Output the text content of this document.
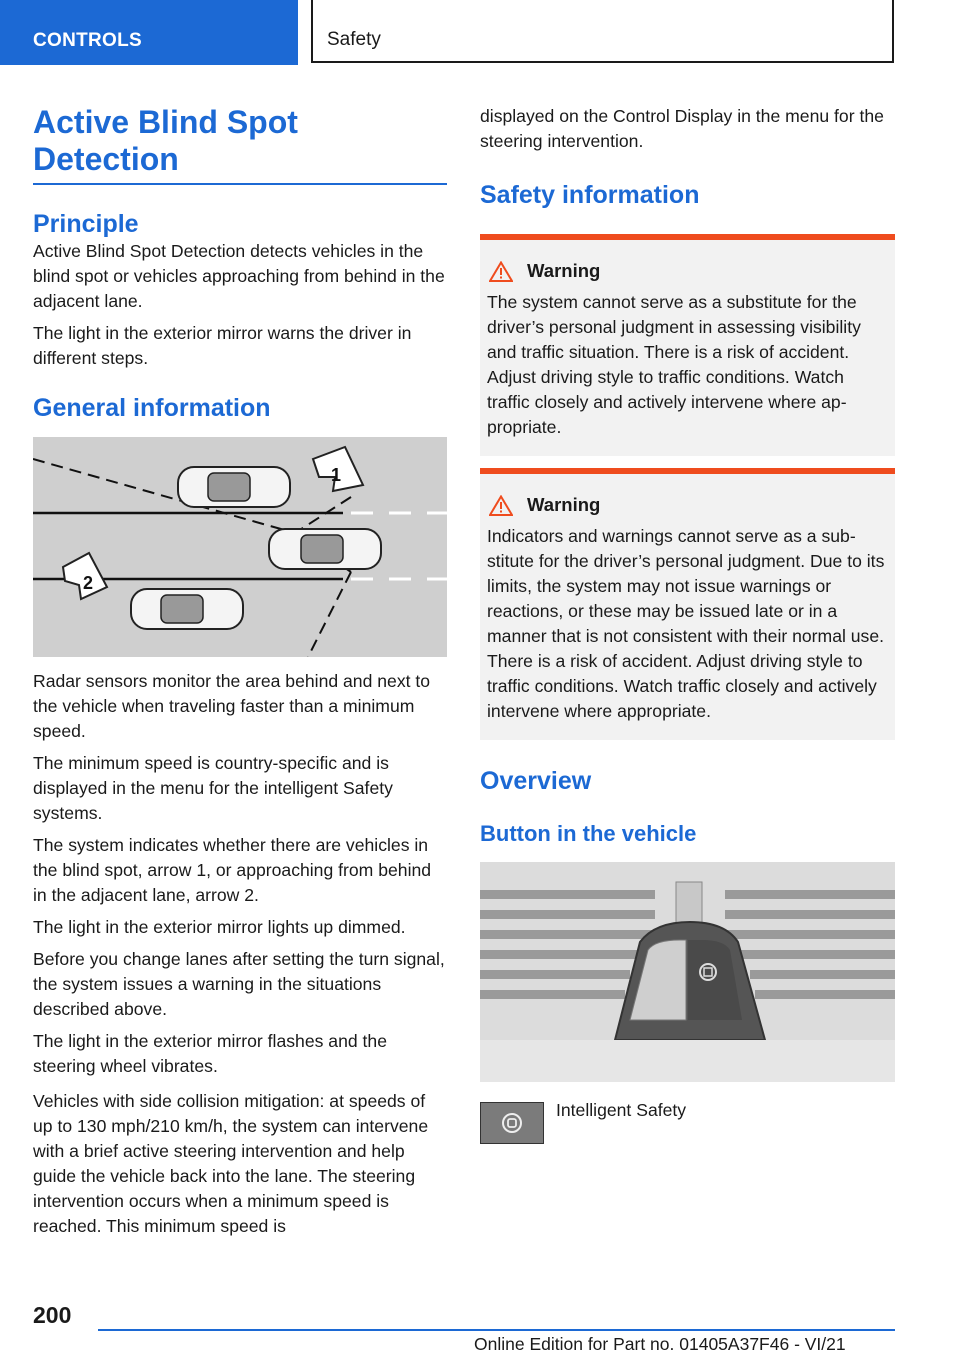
CONTROLS	Safety
Active Blind Spot Detection
Principle

Active Blind Spot Detection detects vehicles in the blind spot or vehicles approaching from behind in the adjacent lane.

The light in the exterior mirror warns the driver in different steps.

General information
1
2

Radar sensors monitor the area behind and next to the vehicle when traveling faster than a minimum speed.

The minimum speed is country-specific and is displayed in the menu for the intelligent Safety systems.

The system indicates whether there are vehicles in the blind spot, arrow 1, or approaching from behind in the adjacent lane, arrow 2.

The light in the exterior mirror lights up dimmed.

Before you change lanes after setting the turn signal, the system issues a warning in the situations described above.

The light in the exterior mirror flashes and the steering wheel vibrates.

Vehicles with side collision mitigation: at speeds of up to 130 mph/210 km/h, the system can intervene with a brief active steering intervention and help guide the vehicle back into the lane. The steering intervention occurs when a minimum speed is reached. This minimum speed is

displayed on the Control Display in the menu for the steering intervention.

Safety information
Warning

The system cannot serve as a substitute for the driver’s personal judgment in assessing visibility and traffic situation. There is a risk of accident. Adjust driving style to traffic conditions. Watch traffic closely and actively intervene where appropriate.

Warning

Indicators and warnings cannot serve as a substitute for the driver’s personal judgment. Due to its limits, the system may not issue warnings or reactions, or these may be issued late or in a manner that is not consistent with their normal use. There is a risk of accident. Adjust driving style to traffic conditions. Watch traffic closely and actively intervene where appropriate.

Overview
Button in the vehicle

Intelligent Safety

200
Online Edition for Part no. 01405A37F46 - VI/21
